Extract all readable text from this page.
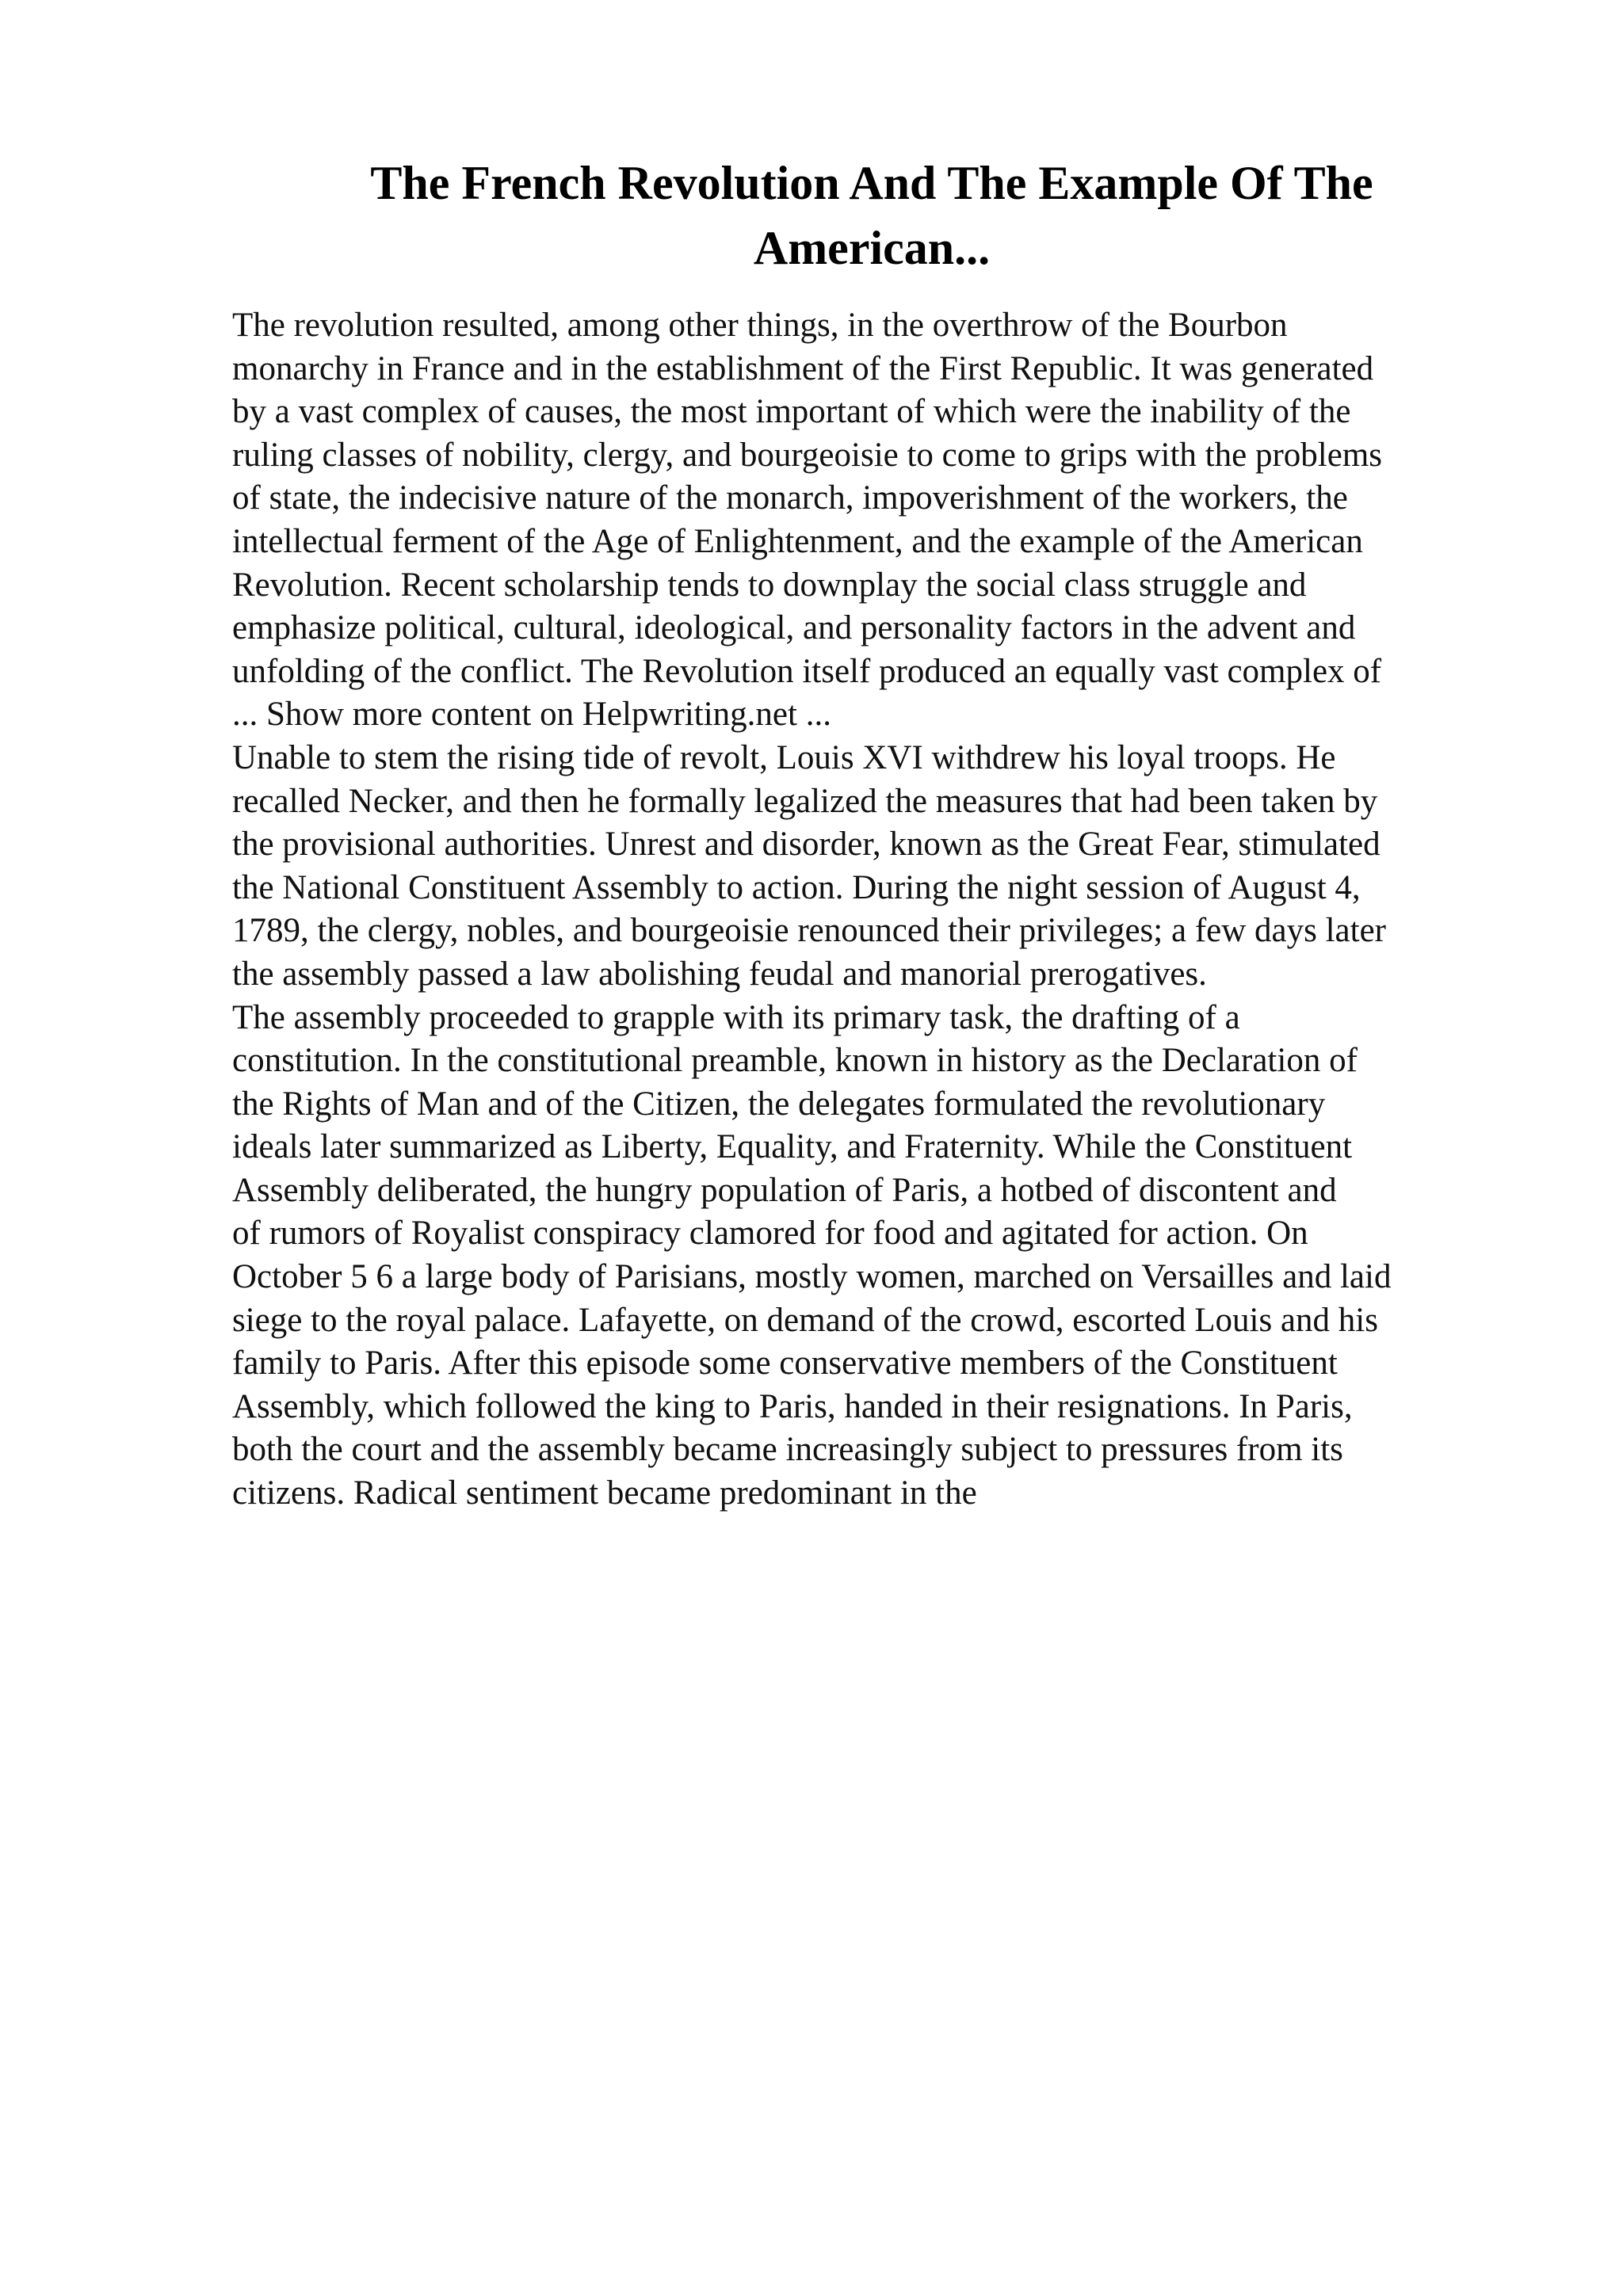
The French Revolution And The Example Of The
American...
The revolution resulted, among other things, in the overthrow of the Bourbon
monarchy in France and in the establishment of the First Republic. It was generated
by a vast complex of causes, the most important of which were the inability of the
ruling classes of nobility, clergy, and bourgeoisie to come to grips with the problems
of state, the indecisive nature of the monarch, impoverishment of the workers, the
intellectual ferment of the Age of Enlightenment, and the example of the American
Revolution. Recent scholarship tends to downplay the social class struggle and
emphasize political, cultural, ideological, and personality factors in the advent and
unfolding of the conflict. The Revolution itself produced an equally vast complex of
... Show more content on Helpwriting.net ...
Unable to stem the rising tide of revolt, Louis XVI withdrew his loyal troops. He
recalled Necker, and then he formally legalized the measures that had been taken by
the provisional authorities. Unrest and disorder, known as the Great Fear, stimulated
the National Constituent Assembly to action. During the night session of August 4,
1789, the clergy, nobles, and bourgeoisie renounced their privileges; a few days later
the assembly passed a law abolishing feudal and manorial prerogatives.
The assembly proceeded to grapple with its primary task, the drafting of a
constitution. In the constitutional preamble, known in history as the Declaration of
the Rights of Man and of the Citizen, the delegates formulated the revolutionary
ideals later summarized as Liberty, Equality, and Fraternity. While the Constituent
Assembly deliberated, the hungry population of Paris, a hotbed of discontent and
of rumors of Royalist conspiracy clamored for food and agitated for action. On
October 5 6 a large body of Parisians, mostly women, marched on Versailles and laid
siege to the royal palace. Lafayette, on demand of the crowd, escorted Louis and his
family to Paris. After this episode some conservative members of the Constituent
Assembly, which followed the king to Paris, handed in their resignations. In Paris,
both the court and the assembly became increasingly subject to pressures from its
citizens. Radical sentiment became predominant in the
